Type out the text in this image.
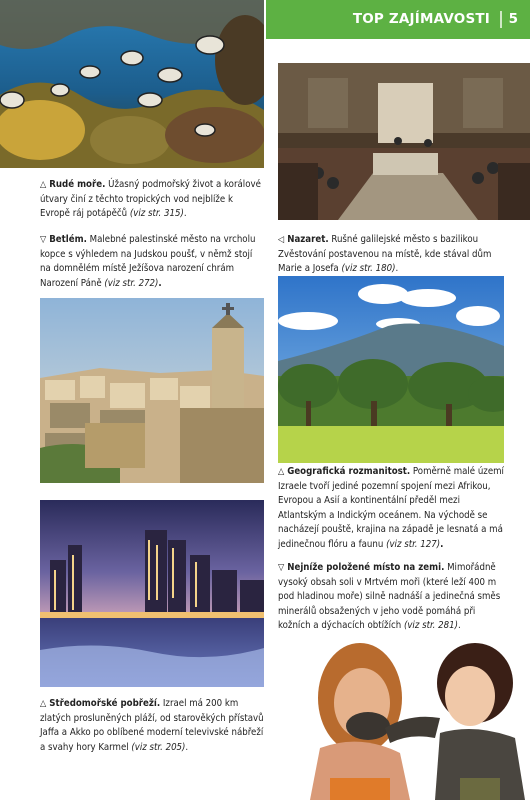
TOP ZAJÍMAVOSTI 5
△ Rudé moře. Úžasný podmořský život a korálové útvary činí z těchto tropických vod nejblíže k Evropě ráj potápěčů (viz str. 315).
▽ Betlém. Malebné palestinské město na vrcholu kopce s výhledem na Judskou poušť, v němž stojí na domnělém místě Ježíšova narození chrám Narození Páně (viz str. 272).
◁ Nazaret. Rušné galilejské město s bazilikou Zvěstování postavenou na místě, kde stával dům Marie a Josefa (viz str. 180).
△ Geografická rozmanitost. Poměrně malé území Izraele tvoří jediné pozemní spojení mezi Afrikou, Evropou a Asií a kontinentální předěl mezi Atlantským a Indickým oceánem. Na východě se nacházejí pouště, krajina na západě je lesnatá a má jedinečnou flóru a faunu (viz str. 127).
▽ Nejníže položené místo na zemi. Mimořádně vysoký obsah soli v Mrtvém moři (které leží 400 m pod hladinou moře) silně nadnáší a jedinečná směs minerálů obsažených v jeho vodě pomáhá při kožních a dýchacích obtížích (viz str. 281).
△ Středomořské pobřeží. Izrael má 200 km zlatých prosluněných pláží, od starověkých přístavů Jaffa a Akko po oblíbené moderní televivské nábřeží a svahy hory Karmel (viz str. 205).
